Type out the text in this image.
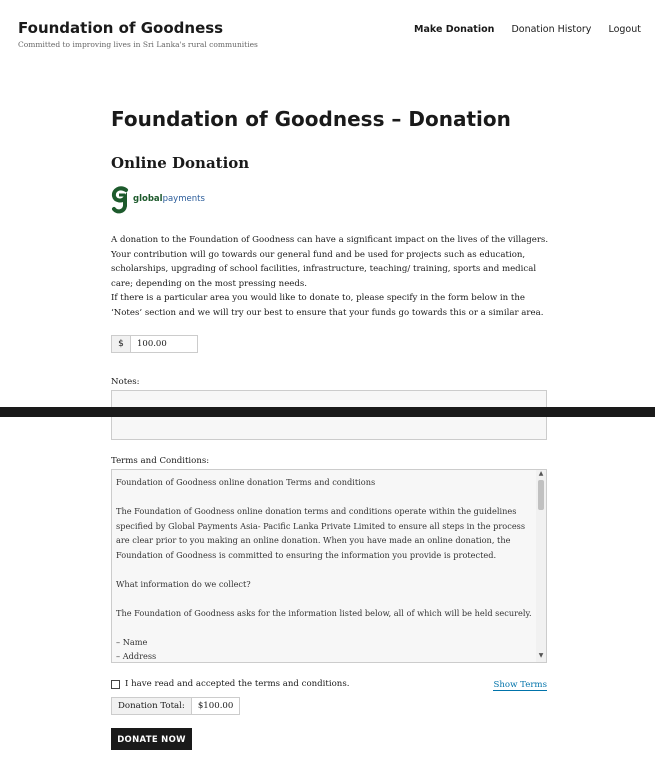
Foundation of Goodness
Committed to improving lives in Sri Lanka's rural communities
Make Donation Donation History Logout
Foundation of Goodness – Donation
Online Donation
globalpayments

A donation to the Foundation of Goodness can have a significant impact on the lives of the villagers. Your contribution will go towards our general fund and be used for projects such as education, scholarships, upgrading of school facilities, infrastructure, teaching/ training, sports and medical care; depending on the most pressing needs.
If there is a particular area you would like to donate to, please specify in the form below in the ‘Notes’ section and we will try our best to ensure that your funds go towards this or a similar area.

$	100.00
Notes:
Terms and Conditions:

Foundation of Goodness online donation Terms and conditions

The Foundation of Goodness online donation terms and conditions operate within the guidelines specified by Global Payments Asia- Pacific Lanka Private Limited to ensure all steps in the process are clear prior to you making an online donation. When you have made an online donation, the Foundation of Goodness is committed to ensuring the information you provide is protected.

What information do we collect?

The Foundation of Goodness asks for the information listed below, all of which will be held securely.

– Name
– Address

▲
▼
I have read and accepted the terms and conditions.	Show Terms
Donation Total:	$100.00
DONATE NOW
